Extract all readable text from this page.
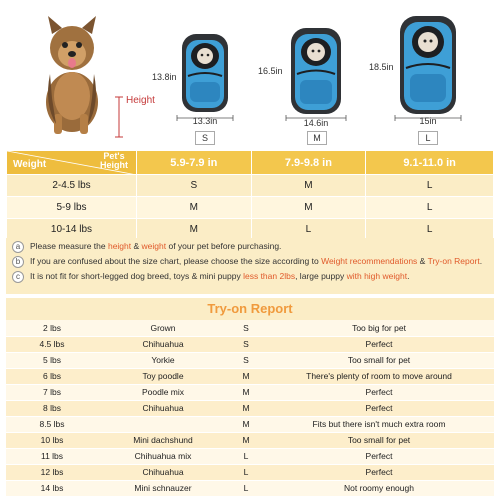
Height
13.8in
13.3in
S
16.5in
14.6in
M
18.5in
15in
L
Weight
Pet's
Height	5.9-7.9 in	7.9-9.8 in	9.1-11.0 in
2-4.5 lbs	S	M	L
5-9 lbs	M	M	L
10-14 lbs	M	L	L
a	Please measure the height & weight of your pet before purchasing.
b	If you are confused about the size chart, please choose the size according to Weight recommendations & Try-on Report.
c	It is not fit for short-legged dog breed, toys & mini puppy less than 2lbs, large puppy with high weight.
Try-on Report
2 lbs	Grown	S	Too big for pet
4.5 lbs	Chihuahua	S	Perfect
5 lbs	Yorkie	S	Too small for pet
6 lbs	Toy poodle	M	There's plenty of room to move around
7 lbs	Poodle mix	M	Perfect
8 lbs	Chihuahua	M	Perfect
8.5 lbs		M	Fits but there isn't much extra room
10 lbs	Mini dachshund	M	Too small for pet
11 lbs	Chihuahua mix	L	Perfect
12 lbs	Chihuahua	L	Perfect
14 lbs	Mini schnauzer	L	Not roomy enough
